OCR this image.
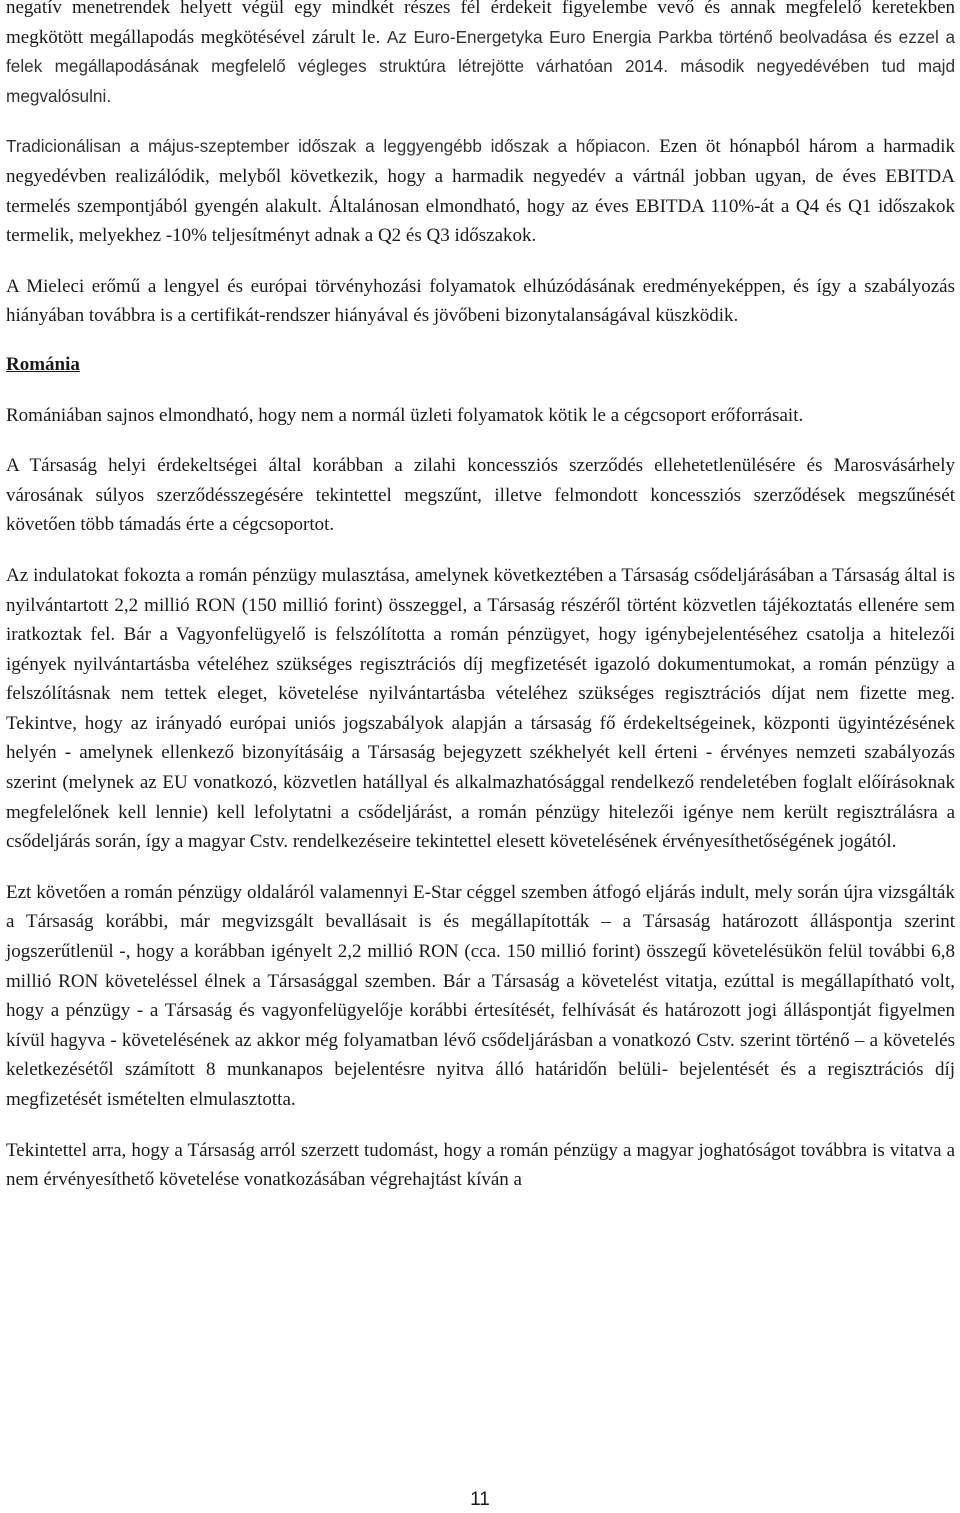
negatív menetrendek helyett végül egy mindkét részes fél érdekeit figyelembe vevő és annak megfelelő keretekben megkötött megállapodás megkötésével zárult le. Az Euro-Energetyka Euro Energia Parkba történő beolvadása és ezzel a felek megállapodásának megfelelő végleges struktúra létrejötte várhatóan 2014. második negyedévében tud majd megvalósulni.

Tradicionálisan a május-szeptember időszak a leggyengébb időszak a hőpiacon. Ezen öt hónapból három a harmadik negyedévben realizálódik, melyből következik, hogy a harmadik negyedév a vártnál jobban ugyan, de éves EBITDA termelés szempontjából gyengén alakult. Általánosan elmondható, hogy az éves EBITDA 110%-át a Q4 és Q1 időszakok termelik, melyekhez -10% teljesítményt adnak a Q2 és Q3 időszakok.

A Mieleci erőmű a lengyel és európai törvényhozási folyamatok elhúzódásának eredményeképpen, és így a szabályozás hiányában továbbra is a certifikát-rendszer hiányával és jövőbeni bizonytalanságával küszködik.

Románia

Romániában sajnos elmondható, hogy nem a normál üzleti folyamatok kötik le a cégcsoport erőforrásait.

A Társaság helyi érdekeltségei által korábban a zilahi koncessziós szerződés ellehetetlenülésére és Marosvásárhely városának súlyos szerződésszegésére tekintettel megszűnt, illetve felmondott koncessziós szerződések megszűnését követően több támadás érte a cégcsoportot.

Az indulatokat fokozta a román pénzügy mulasztása, amelynek következtében a Társaság csődeljárásában a Társaság által is nyilvántartott 2,2 millió RON (150 millió forint) összeggel, a Társaság részéről történt közvetlen tájékoztatás ellenére sem iratkoztak fel. Bár a Vagyonfelügyelő is felszólította a román pénzügyet, hogy igénybejelentéséhez csatolja a hitelezői igények nyilvántartásba vételéhez szükséges regisztrációs díj megfizetését igazoló dokumentumokat, a román pénzügy a felszólításnak nem tettek eleget, követelése nyilvántartásba vételéhez szükséges regisztrációs díjat nem fizette meg. Tekintve, hogy az irányadó európai uniós jogszabályok alapján a társaság fő érdekeltségeinek, központi ügyintézésének helyén - amelynek ellenkező bizonyításáig a Társaság bejegyzett székhelyét kell érteni - érvényes nemzeti szabályozás szerint (melynek az EU vonatkozó, közvetlen hatállyal és alkalmazhatósággal rendelkező rendeletében foglalt előírásoknak megfelelőnek kell lennie) kell lefolytatni a csődeljárást, a román pénzügy hitelezői igénye nem került regisztrálásra a csődeljárás során, így a magyar Cstv. rendelkezéseire tekintettel elesett követelésének érvényesíthetőségének jogától.

Ezt követően a román pénzügy oldaláról valamennyi E-Star céggel szemben átfogó eljárás indult, mely során újra vizsgálták a Társaság korábbi, már megvizsgált bevallásait is és megállapították – a Társaság határozott álláspontja szerint jogszerűtlenül -, hogy a korábban igényelt 2,2 millió RON (cca. 150 millió forint) összegű követelésükön felül további 6,8 millió RON követeléssel élnek a Társasággal szemben. Bár a Társaság a követelést vitatja, ezúttal is megállapítható volt, hogy a pénzügy - a Társaság és vagyonfelügyelője korábbi értesítését, felhívását és határozott jogi álláspontját figyelmen kívül hagyva - követelésének az akkor még folyamatban lévő csődeljárásban a vonatkozó Cstv. szerint történő – a követelés keletkezésétől számított 8 munkanapos bejelentésre nyitva álló határidőn belüli- bejelentését és a regisztrációs díj megfizetését ismételten elmulasztotta.

Tekintettel arra, hogy a Társaság arról szerzett tudomást, hogy a román pénzügy a magyar joghatóságot továbbra is vitatva a nem érvényesíthető követelése vonatkozásában végrehajtást kíván a

11
